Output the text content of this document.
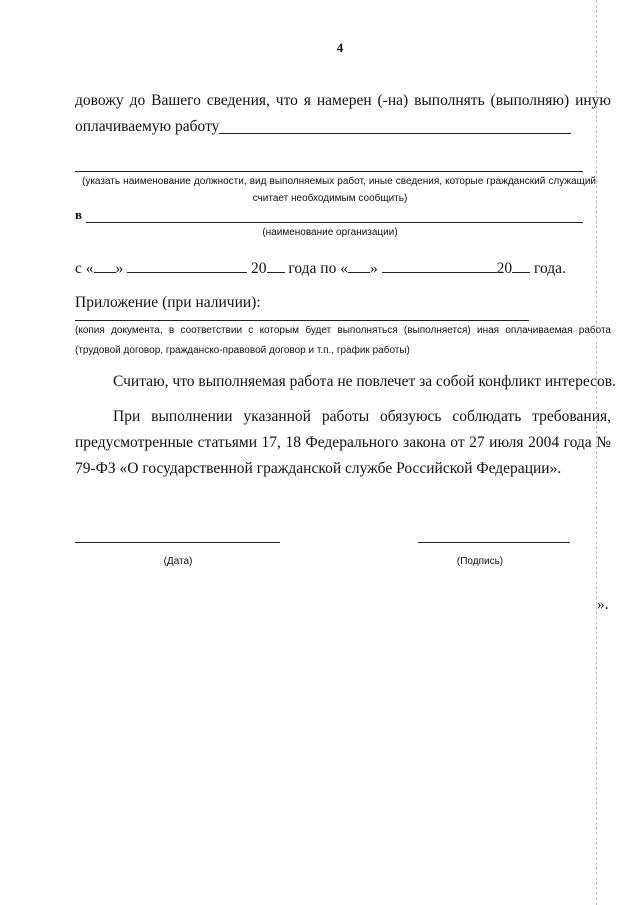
4
довожу до Вашего сведения, что я намерен (-на) выполнять (выполняю) иную
оплачиваемую работу
(указать наименование должности, вид выполняемых работ, иные сведения, которые гражданский служащий
считает необходимым сообщить)
в
(наименование организации)
с « »	20 года по « »	20 года.
Приложение (при наличии):
(копия документа, в соответствии с которым будет выполняться (выполняется) иная оплачиваемая работа
(трудовой договор, гражданско-правовой договор и т.п., график работы)
Считаю, что выполняемая работа не повлечет за собой конфликт интересов.
При выполнении указанной работы обязуюсь соблюдать требования,
предусмотренные статьями 17, 18 Федерального закона от 27 июля 2004 года №
79-ФЗ «О государственной гражданской службе Российской Федерации».
(Дата)	(Подпись)
».
